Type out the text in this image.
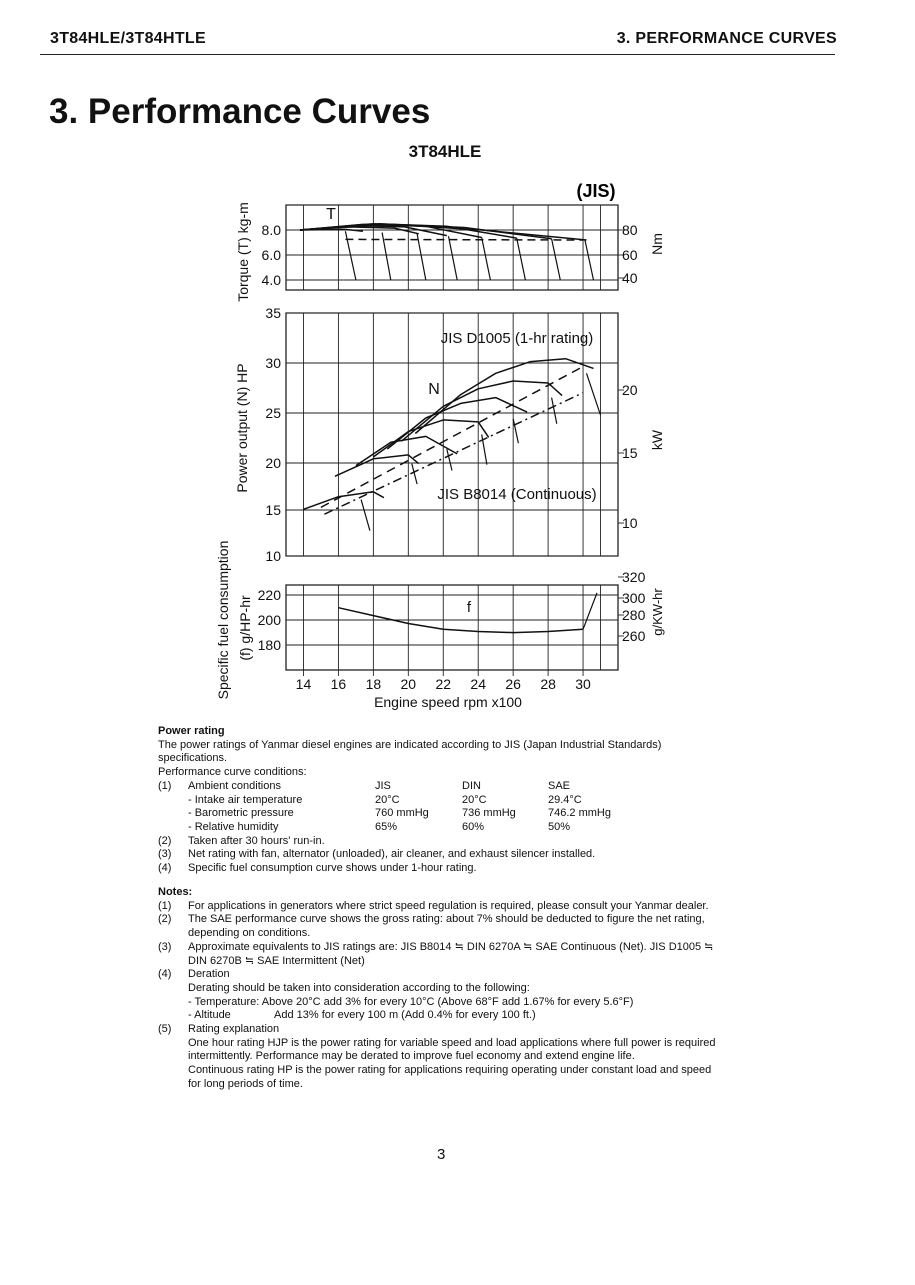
3T84HLE/3T84HTLE	3. PERFORMANCE CURVES
3. Performance Curves
3T84HLE
(JIS)
14 16 18 20 22 24 26 28 30
Engine speed rpm x100
8.0
6.0
4.0
35
30
25
20
15
10
220
200
180
80
60
40
20
15
10
320
300
280
260
Torque (T) kg-m
Power output (N) HP
Specific fuel consumption (f) g/HP-hr
Nm
kW
g/KW-hr
T
N
JIS D1005 (1-hr rating)
JIS B8014 (Continuous)
f
Power rating
The power ratings of Yanmar diesel engines are indicated according to JIS (Japan Industrial Standards) specifications.
Performance curve conditions:
(1)	Ambient conditions	JIS	DIN	SAE
- Intake air temperature	20°C	20°C	29.4°C
- Barometric pressure	760 mmHg	736 mmHg	746.2 mmHg
- Relative humidity	65%	60%	50%
(2)	Taken after 30 hours' run-in.
(3)	Net rating with fan, alternator (unloaded), air cleaner, and exhaust silencer installed.
(4)	Specific fuel consumption curve shows under 1-hour rating.
Notes:
(1)	For applications in generators where strict speed regulation is required, please consult your Yanmar dealer.
(2)	The SAE performance curve shows the gross rating: about 7% should be deducted to figure the net rating, depending on conditions.
(3)	Approximate equivalents to JIS ratings are: JIS B8014 ≒ DIN 6270A ≒ SAE Continuous (Net). JIS D1005 ≒ DIN 6270B ≒ SAE Intermittent (Net)
(4)	Deration
Derating should be taken into consideration according to the following:
- Temperature: Above 20°C add 3% for every 10°C (Above 68°F add 1.67% for every 5.6°F)
- Altitude	Add 13% for every 100 m (Add 0.4% for every 100 ft.)
(5)	Rating explanation
One hour rating HJP is the power rating for variable speed and load applications where full power is required intermittently. Performance may be derated to improve fuel economy and extend engine life.
Continuous rating HP is the power rating for applications requiring operating under constant load and speed for long periods of time.
3
